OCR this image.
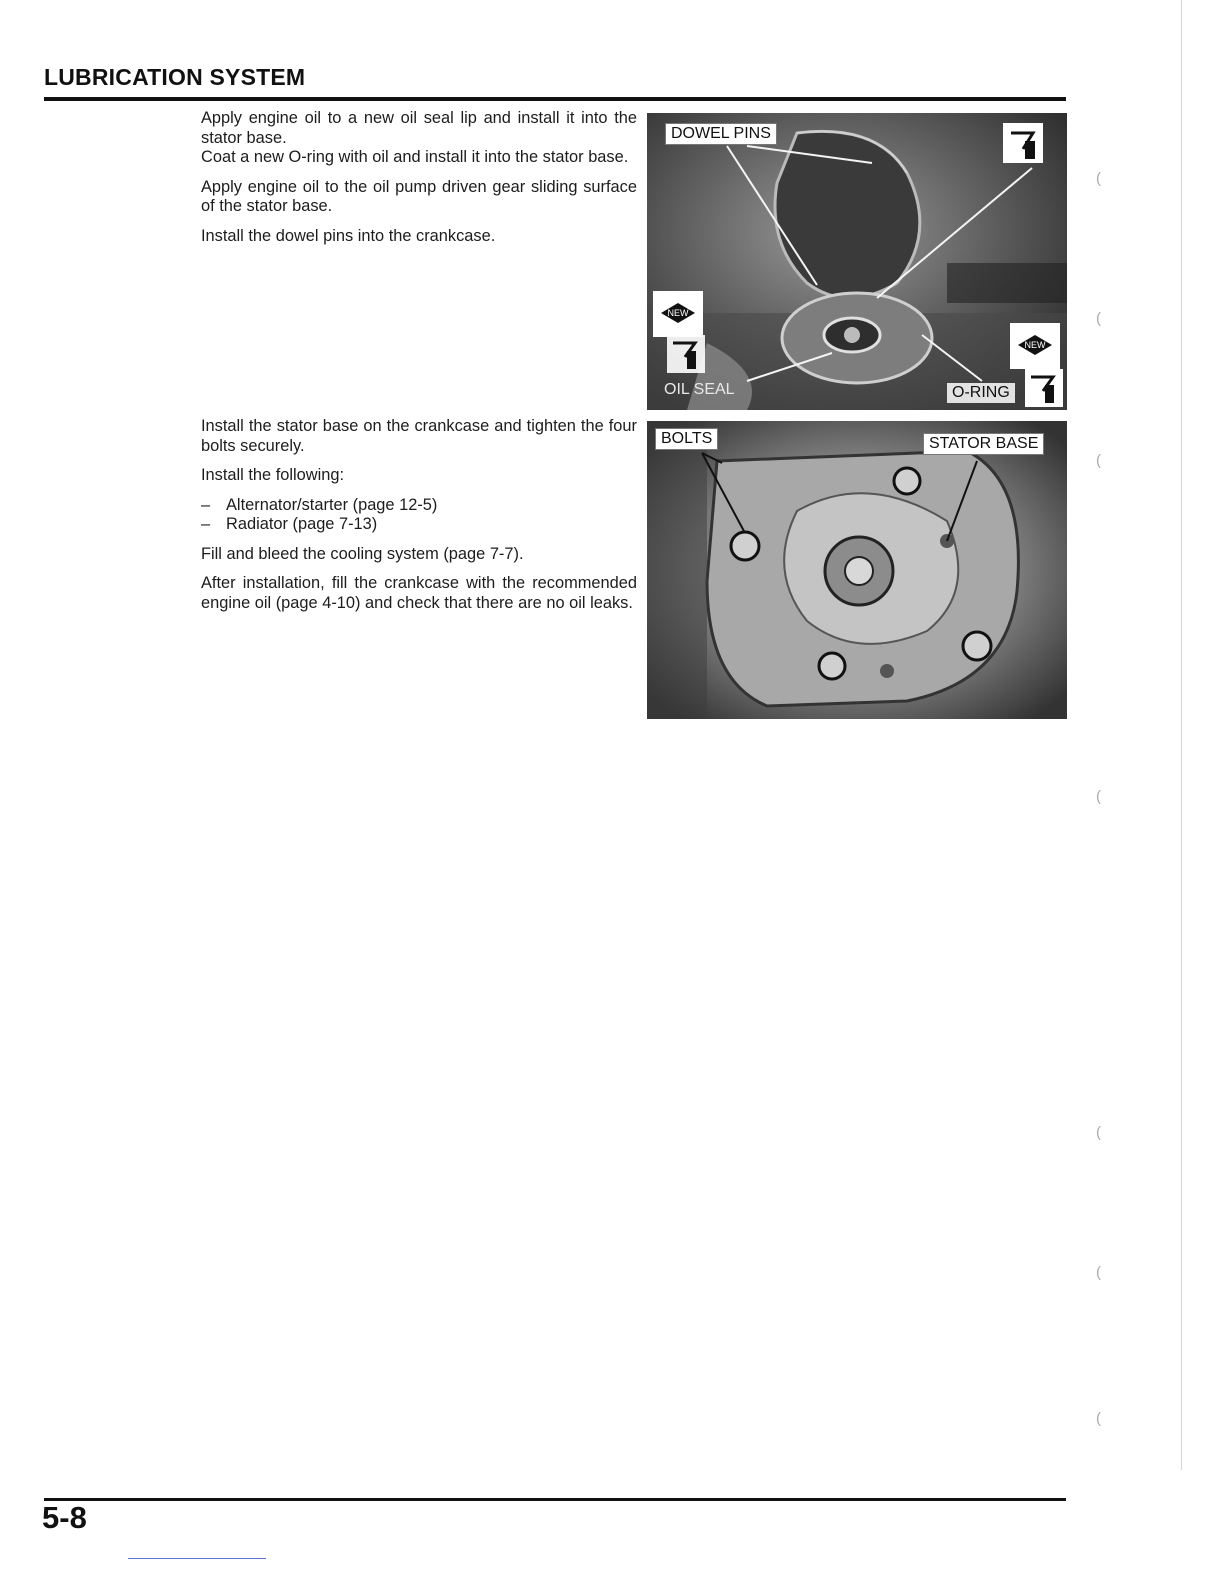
LUBRICATION SYSTEM

Apply engine oil to a new oil seal lip and install it into the stator base.

Coat a new O-ring with oil and install it into the stator base.

Apply engine oil to the oil pump driven gear sliding surface of the stator base.

Install the dowel pins into the crankcase.

DOWEL PINS
OIL SEAL	O-RING
NEW
NEW

Install the stator base on the crankcase and tighten the four bolts securely.

Install the following:

– Alternator/starter (page 12-5)
– Radiator (page 7-13)

Fill and bleed the cooling system (page 7-7).

After installation, fill the crankcase with the recommended engine oil (page 4-10) and check that there are no oil leaks.

BOLTS	STATOR BASE
(
(
(
(
(
(
(
5-8
